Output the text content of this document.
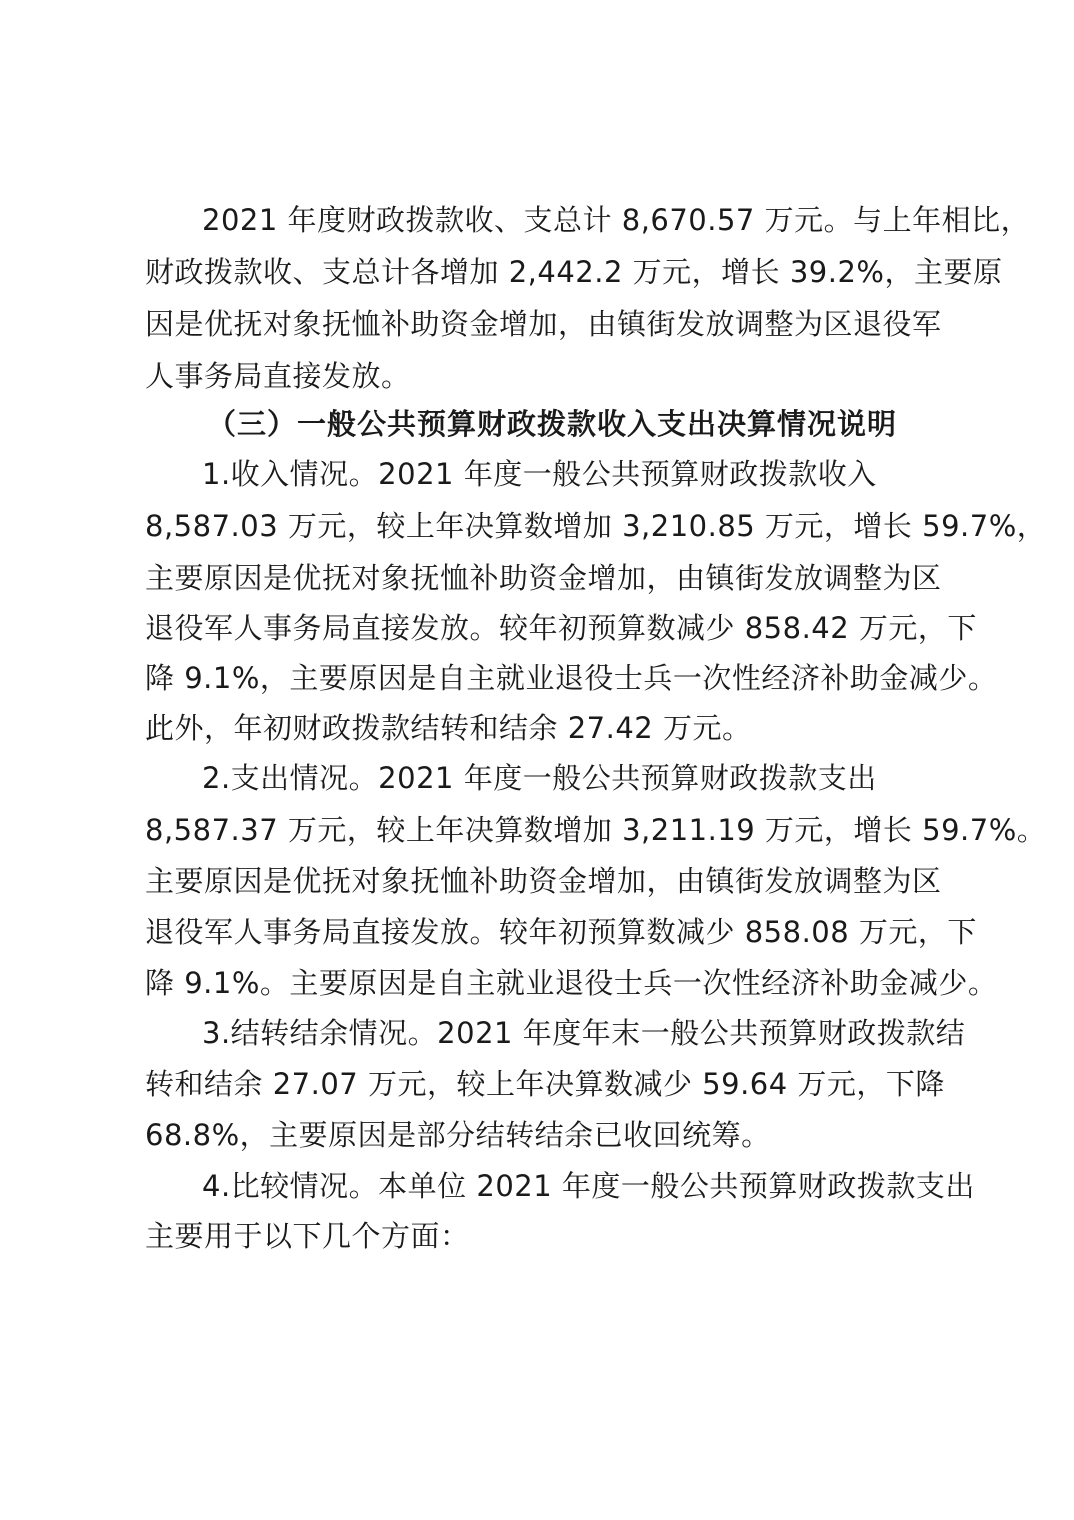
2021 年度财政拨款收、支总计 8,670.57 万元。与上年相比，
财政拨款收、支总计各增加 2,442.2 万元，增长 39.2%，主要原
因是优抚对象抚恤补助资金增加，由镇街发放调整为区退役军
人事务局直接发放。
（三）一般公共预算财政拨款收入支出决算情况说明
1.收入情况。2021 年度一般公共预算财政拨款收入
8,587.03 万元，较上年决算数增加 3,210.85 万元，增长 59.7%，
主要原因是优抚对象抚恤补助资金增加，由镇街发放调整为区
退役军人事务局直接发放。较年初预算数减少 858.42 万元，下
降 9.1%，主要原因是自主就业退役士兵一次性经济补助金减少。
此外，年初财政拨款结转和结余 27.42 万元。
2.支出情况。2021 年度一般公共预算财政拨款支出
8,587.37 万元，较上年决算数增加 3,211.19 万元，增长 59.7%。
主要原因是优抚对象抚恤补助资金增加，由镇街发放调整为区
退役军人事务局直接发放。较年初预算数减少 858.08 万元，下
降 9.1%。主要原因是自主就业退役士兵一次性经济补助金减少。
3.结转结余情况。2021 年度年末一般公共预算财政拨款结
转和结余 27.07 万元，较上年决算数减少 59.64 万元，下降
68.8%，主要原因是部分结转结余已收回统筹。
4.比较情况。本单位 2021 年度一般公共预算财政拨款支出
主要用于以下几个方面：
